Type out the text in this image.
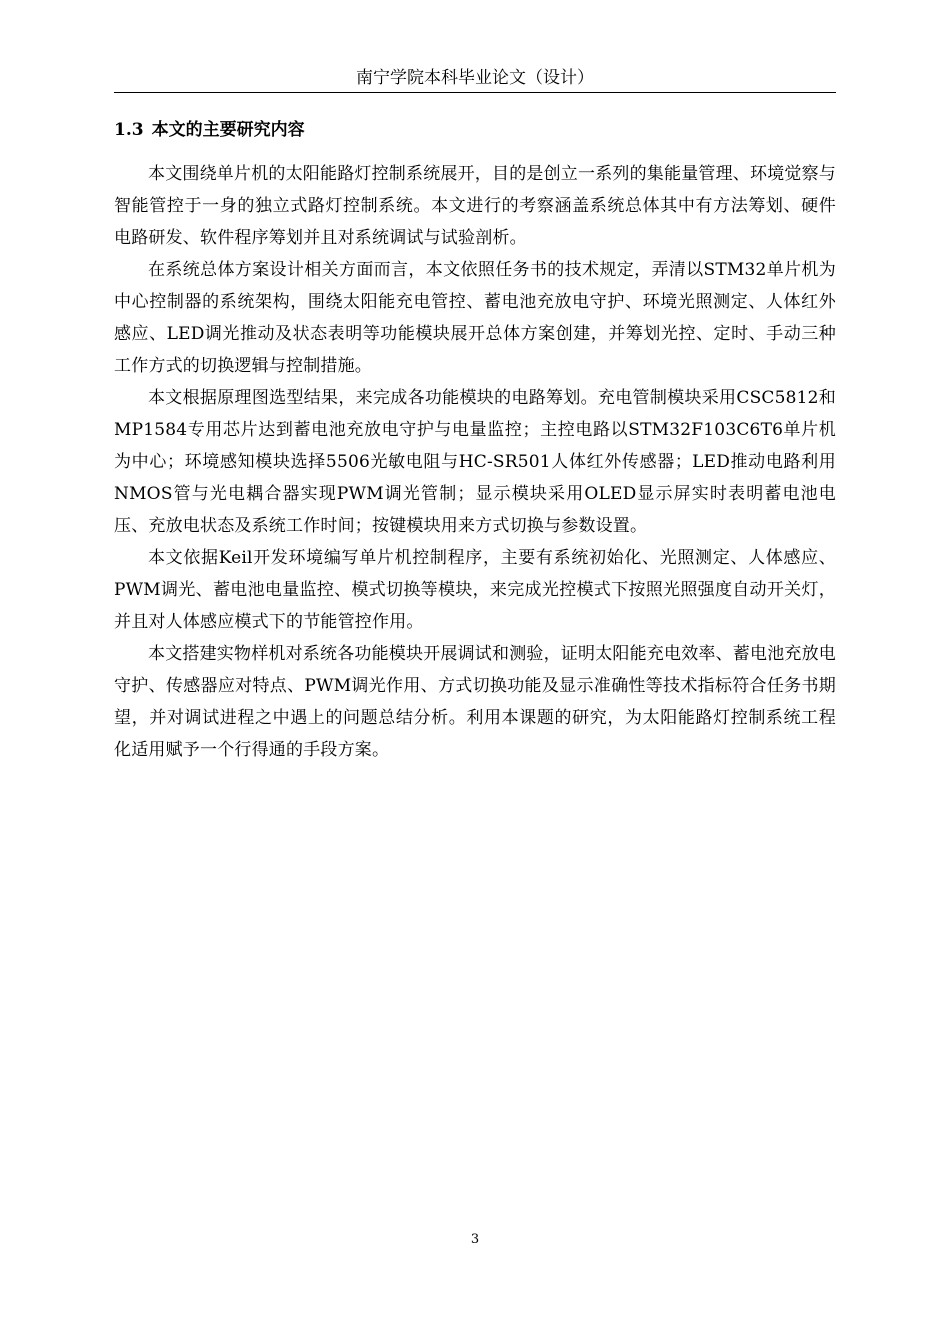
南宁学院本科毕业论文（设计）
1.3 本文的主要研究内容

本文围绕单片机的太阳能路灯控制系统展开，目的是创立一系列的集能量管理、环境觉察与智能管控于一身的独立式路灯控制系统。本文进行的考察涵盖系统总体其中有方法筹划、硬件电路研发、软件程序筹划并且对系统调试与试验剖析。

在系统总体方案设计相关方面而言，本文依照任务书的技术规定，弄清以STM32单片机为中心控制器的系统架构，围绕太阳能充电管控、蓄电池充放电守护、环境光照测定、人体红外感应、LED调光推动及状态表明等功能模块展开总体方案创建，并筹划光控、定时、手动三种工作方式的切换逻辑与控制措施。

本文根据原理图选型结果，来完成各功能模块的电路筹划。充电管制模块采用CSC5812和MP1584专用芯片达到蓄电池充放电守护与电量监控；主控电路以STM32F103C6T6单片机为中心；环境感知模块选择5506光敏电阻与HC-SR501人体红外传感器；LED推动电路利用NMOS管与光电耦合器实现PWM调光管制；显示模块采用OLED显示屏实时表明蓄电池电压、充放电状态及系统工作时间；按键模块用来方式切换与参数设置。

本文依据Keil开发环境编写单片机控制程序，主要有系统初始化、光照测定、人体感应、PWM调光、蓄电池电量监控、模式切换等模块，来完成光控模式下按照光照强度自动开关灯，并且对人体感应模式下的节能管控作用。

本文搭建实物样机对系统各功能模块开展调试和测验，证明太阳能充电效率、蓄电池充放电守护、传感器应对特点、PWM调光作用、方式切换功能及显示准确性等技术指标符合任务书期望，并对调试进程之中遇上的问题总结分析。利用本课题的研究，为太阳能路灯控制系统工程化适用赋予一个行得通的手段方案。

3
